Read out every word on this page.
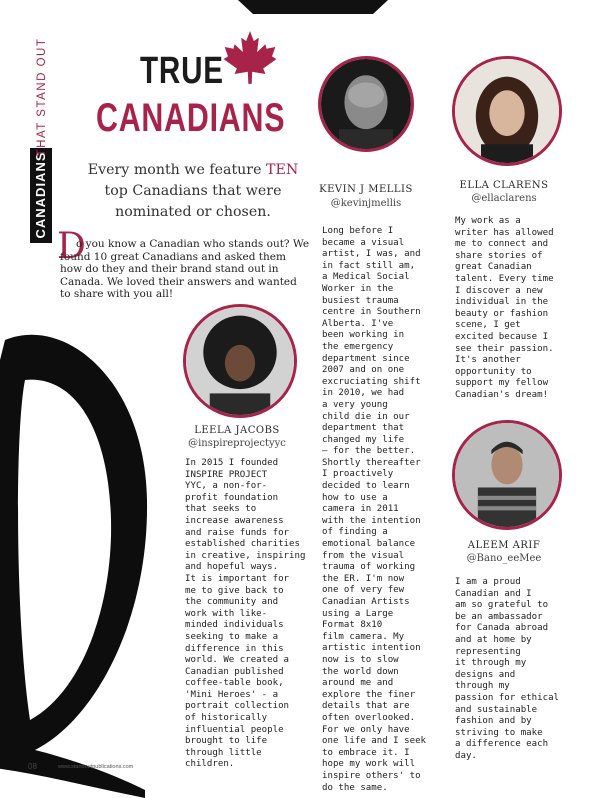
CANADIANS
THAT STAND OUT TRUE
CANADIANS
Every month we feature TEN top Canadians that were nominated or chosen.
D
o you know a Canadian who stands out? We found 10 great Canadians and asked them how do they and their brand stand out in Canada. We loved their answers and wanted to share with you all!
KEVIN J MELLIS
@kevinjmellis
Long before I
became a visual
artist, I was, and
in fact still am,
a Medical Social
Worker in the
busiest trauma
centre in Southern
Alberta. I've
been working in
the emergency
department since
2007 and on one
excruciating shift
in 2010, we had
a very young
child die in our
department that
changed my life
– for the better.
Shortly thereafter
I proactively
decided to learn
how to use a
camera in 2011
with the intention
of finding a
emotional balance
from the visual
trauma of working
the ER. I'm now
one of very few
Canadian Artists
using a Large
Format 8x10
film camera. My
artistic intention
now is to slow
the world down
around me and
explore the finer
details that are
often overlooked.
For we only have
one life and I seek
to embrace it. I
hope my work will
inspire others' to
do the same.
ELLA CLARENS
@ellaclarens
My work as a
writer has allowed
me to connect and
share stories of
great Canadian
talent. Every time
I discover a new
individual in the
beauty or fashion
scene, I get
excited because I
see their passion.
It's another
opportunity to
support my fellow
Canadian's dream!
LEELA JACOBS
@inspireprojectyyc
In 2015 I founded
INSPIRE PROJECT
YYC, a non-for-
profit foundation
that seeks to
increase awareness
and raise funds for
established charities
in creative, inspiring
and hopeful ways.
It is important for
me to give back to
the community and
work with like-
minded individuals
seeking to make a
difference in this
world. We created a
Canadian published
coffee-table book,
'Mini Heroes' - a
portrait collection
of historically
influential people
brought to life
through little
children.
ALEEM ARIF
@Bano_eeMee
I am a proud
Canadian and I
am so grateful to
be an ambassador
for Canada abroad
and at home by
representing
it through my
designs and
through my
passion for ethical
and sustainable
fashion and by
striving to make
a difference each
day.
08	www.standoutpublications.com
